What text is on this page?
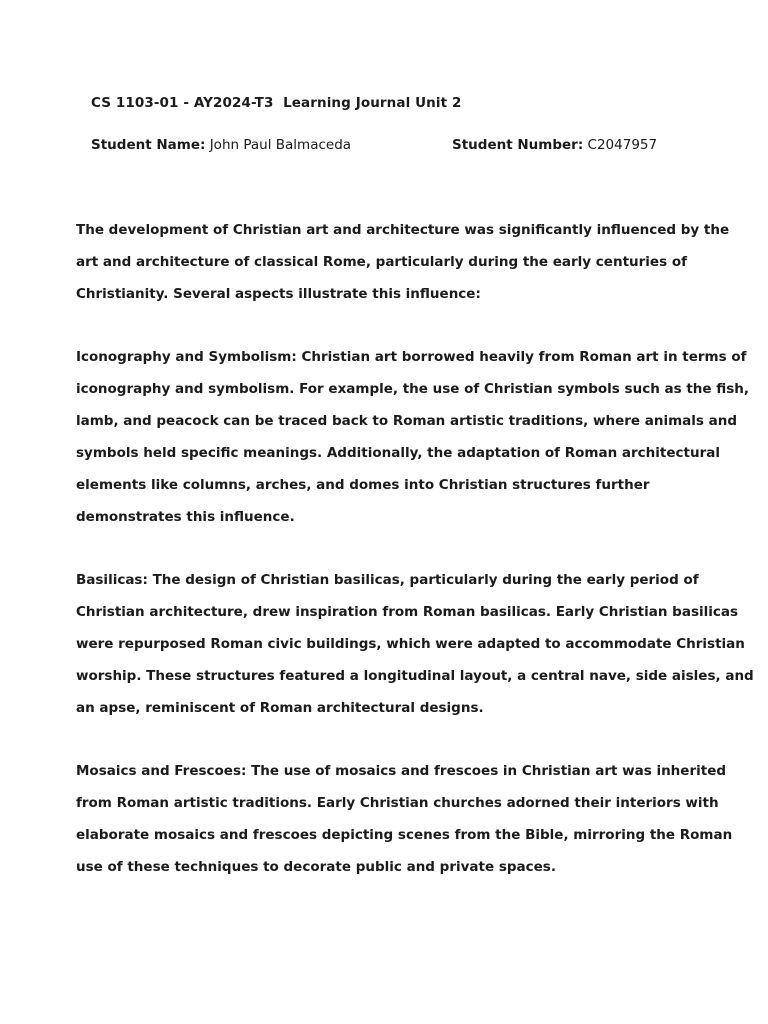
CS 1103-01 - AY2024-T3  Learning Journal Unit 2
Student Name: John Paul Balmaceda	Student Number: C2047957

The development of Christian art and architecture was significantly influenced by the
art and architecture of classical Rome, particularly during the early centuries of
Christianity. Several aspects illustrate this influence:

Iconography and Symbolism: Christian art borrowed heavily from Roman art in terms of
iconography and symbolism. For example, the use of Christian symbols such as the fish,
lamb, and peacock can be traced back to Roman artistic traditions, where animals and
symbols held specific meanings. Additionally, the adaptation of Roman architectural
elements like columns, arches, and domes into Christian structures further
demonstrates this influence.

Basilicas: The design of Christian basilicas, particularly during the early period of
Christian architecture, drew inspiration from Roman basilicas. Early Christian basilicas
were repurposed Roman civic buildings, which were adapted to accommodate Christian
worship. These structures featured a longitudinal layout, a central nave, side aisles, and
an apse, reminiscent of Roman architectural designs.

Mosaics and Frescoes: The use of mosaics and frescoes in Christian art was inherited
from Roman artistic traditions. Early Christian churches adorned their interiors with
elaborate mosaics and frescoes depicting scenes from the Bible, mirroring the Roman
use of these techniques to decorate public and private spaces.
